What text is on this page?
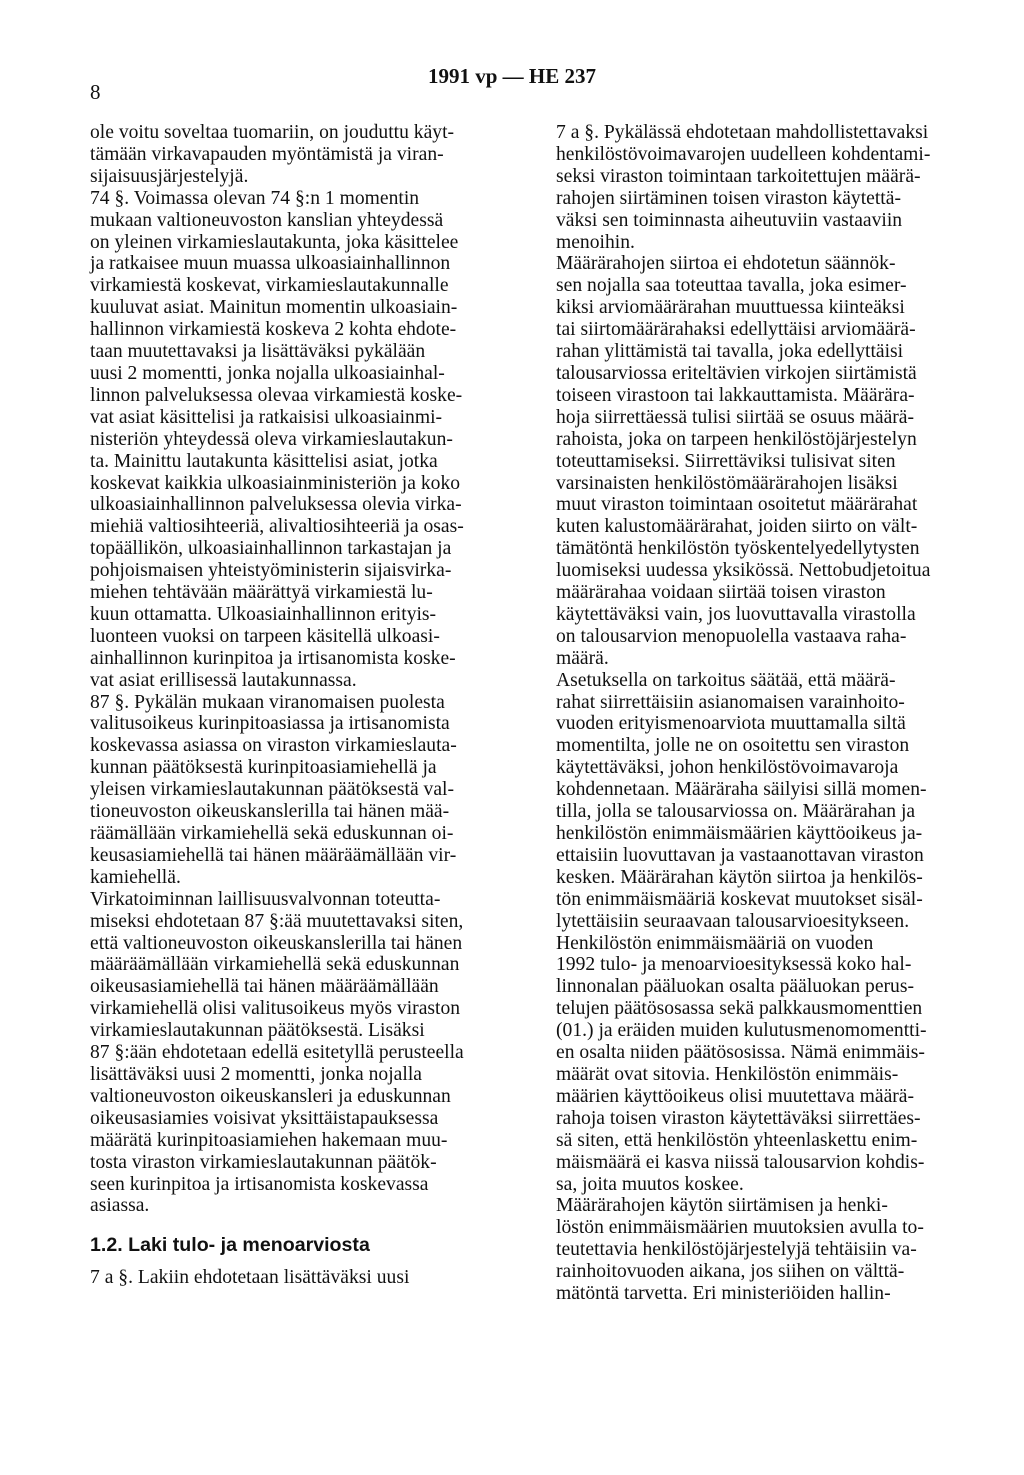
8
1991 vp — HE 237
ole voitu soveltaa tuomariin, on jouduttu käyt-
tämään virkavapauden myöntämistä ja viran-
sijaisuusjärjestelyjä.
74 §. Voimassa olevan 74 §:n 1 momentin
mukaan valtioneuvoston kanslian yhteydessä
on yleinen virkamieslautakunta, joka käsittelee
ja ratkaisee muun muassa ulkoasiainhallinnon
virkamiestä koskevat, virkamieslautakunnalle
kuuluvat asiat. Mainitun momentin ulkoasiain-
hallinnon virkamiestä koskeva 2 kohta ehdote-
taan muutettavaksi ja lisättäväksi pykälään
uusi 2 momentti, jonka nojalla ulkoasiainhal-
linnon palveluksessa olevaa virkamiestä koske-
vat asiat käsittelisi ja ratkaisisi ulkoasiainmi-
nisteriön yhteydessä oleva virkamieslautakun-
ta. Mainittu lautakunta käsittelisi asiat, jotka
koskevat kaikkia ulkoasiainministeriön ja koko
ulkoasiainhallinnon palveluksessa olevia virka-
miehiä valtiosihteeriä, alivaltiosihteeriä ja osas-
topäällikön, ulkoasiainhallinnon tarkastajan ja
pohjoismaisen yhteistyöministerin sijaisvirka-
miehen tehtävään määrättyä virkamiestä lu-
kuun ottamatta. Ulkoasiainhallinnon erityis-
luonteen vuoksi on tarpeen käsitellä ulkoasi-
ainhallinnon kurinpitoa ja irtisanomista koske-
vat asiat erillisessä lautakunnassa.
87 §. Pykälän mukaan viranomaisen puolesta
valitusoikeus kurinpitoasiassa ja irtisanomista
koskevassa asiassa on viraston virkamieslauta-
kunnan päätöksestä kurinpitoasiamiehellä ja
yleisen virkamieslautakunnan päätöksestä val-
tioneuvoston oikeuskanslerilla tai hänen mää-
räämällään virkamiehellä sekä eduskunnan oi-
keusasiamiehellä tai hänen määräämällään vir-
kamiehellä.
Virkatoiminnan laillisuusvalvonnan toteutta-
miseksi ehdotetaan 87 §:ää muutettavaksi siten,
että valtioneuvoston oikeuskanslerilla tai hänen
määräämällään virkamiehellä sekä eduskunnan
oikeusasiamiehellä tai hänen määräämällään
virkamiehellä olisi valitusoikeus myös viraston
virkamieslautakunnan päätöksestä. Lisäksi
87 §:ään ehdotetaan edellä esitetyllä perusteella
lisättäväksi uusi 2 momentti, jonka nojalla
valtioneuvoston oikeuskansleri ja eduskunnan
oikeusasiamies voisivat yksittäistapauksessa
määrätä kurinpitoasiamiehen hakemaan muu-
tosta viraston virkamieslautakunnan päätök-
seen kurinpitoa ja irtisanomista koskevassa
asiassa.
1.2. Laki tulo- ja menoarviosta
7 a §. Lakiin ehdotetaan lisättäväksi uusi
7 a §. Pykälässä ehdotetaan mahdollistettavaksi
henkilöstövoimavarojen uudelleen kohdentami-
seksi viraston toimintaan tarkoitettujen määrä-
rahojen siirtäminen toisen viraston käytettä-
väksi sen toiminnasta aiheutuviin vastaaviin
menoihin.
Määrärahojen siirtoa ei ehdotetun säännök-
sen nojalla saa toteuttaa tavalla, joka esimer-
kiksi arviomäärärahan muuttuessa kiinteäksi
tai siirtomäärärahaksi edellyttäisi arviomäärä-
rahan ylittämistä tai tavalla, joka edellyttäisi
talousarviossa eriteltävien virkojen siirtämistä
toiseen virastoon tai lakkauttamista. Määrära-
hoja siirrettäessä tulisi siirtää se osuus määrä-
rahoista, joka on tarpeen henkilöstöjärjestelyn
toteuttamiseksi. Siirrettäviksi tulisivat siten
varsinaisten henkilöstömäärärahojen lisäksi
muut viraston toimintaan osoitetut määrärahat
kuten kalustomäärärahat, joiden siirto on vält-
tämätöntä henkilöstön työskentelyedellytysten
luomiseksi uudessa yksikössä. Nettobudjetoitua
määrärahaa voidaan siirtää toisen viraston
käytettäväksi vain, jos luovuttavalla virastolla
on talousarvion menopuolella vastaava raha-
määrä.
Asetuksella on tarkoitus säätää, että määrä-
rahat siirrettäisiin asianomaisen varainhoito-
vuoden erityismenoarviota muuttamalla siltä
momentilta, jolle ne on osoitettu sen viraston
käytettäväksi, johon henkilöstövoimavaroja
kohdennetaan. Määräraha säilyisi sillä momen-
tilla, jolla se talousarviossa on. Määrärahan ja
henkilöstön enimmäismäärien käyttöoikeus ja-
ettaisiin luovuttavan ja vastaanottavan viraston
kesken. Määrärahan käytön siirtoa ja henkilös-
tön enimmäismääriä koskevat muutokset sisäl-
lytettäisiin seuraavaan talousarvioesitykseen.
Henkilöstön enimmäismääriä on vuoden
1992 tulo- ja menoarvioesityksessä koko hal-
linnonalan pääluokan osalta pääluokan perus-
telujen päätösosassa sekä palkkausmomenttien
(01.) ja eräiden muiden kulutusmenomomentti-
en osalta niiden päätösosissa. Nämä enimmäis-
määrät ovat sitovia. Henkilöstön enimmäis-
määrien käyttöoikeus olisi muutettava määrä-
rahoja toisen viraston käytettäväksi siirrettäes-
sä siten, että henkilöstön yhteenlaskettu enim-
mäismäärä ei kasva niissä talousarvion kohdis-
sa, joita muutos koskee.
Määrärahojen käytön siirtämisen ja henki-
löstön enimmäismäärien muutoksien avulla to-
teutettavia henkilöstöjärjestelyjä tehtäisiin va-
rainhoitovuoden aikana, jos siihen on välttä-
mätöntä tarvetta. Eri ministeriöiden hallin-
